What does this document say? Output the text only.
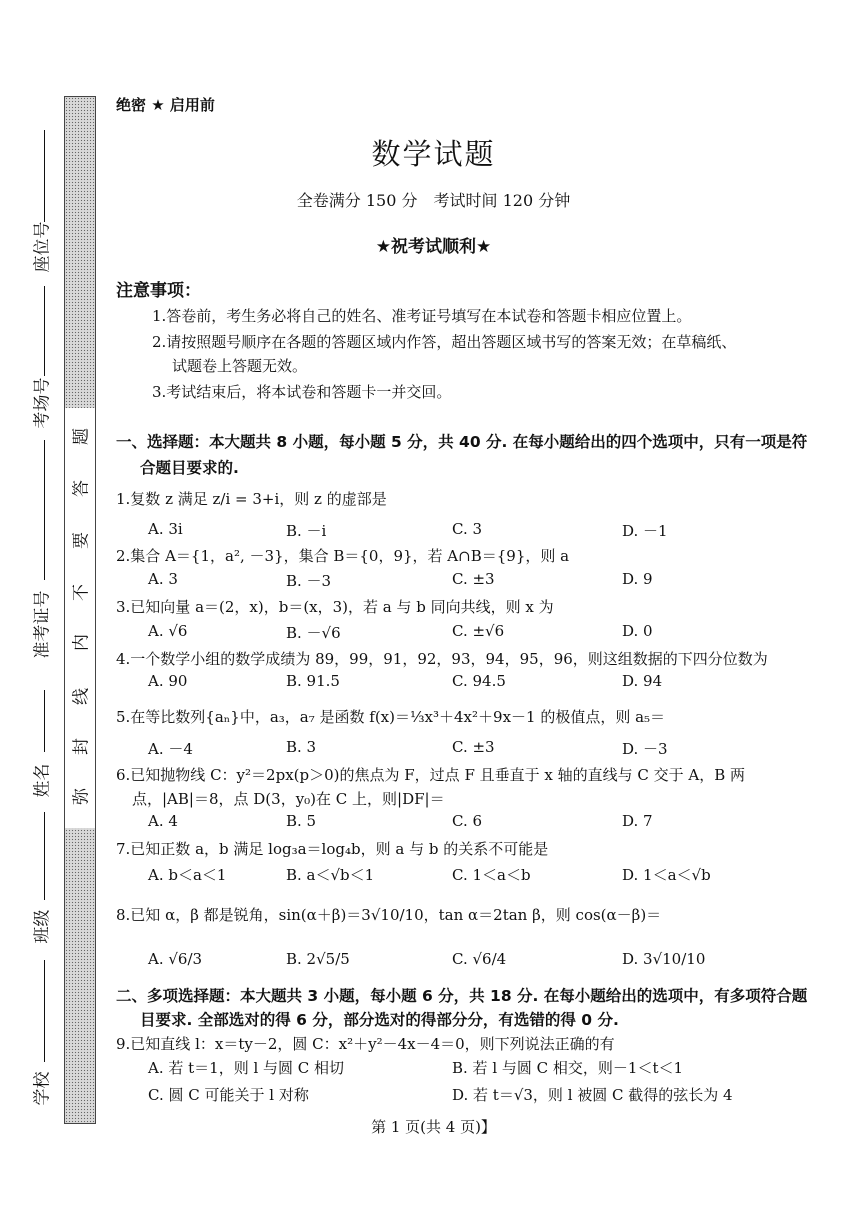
题
答
要
不
内
线
封
弥
座位号
考场号
准考证号
姓名
班级
学校
绝密 ★ 启用前
数学试题
全卷满分 150 分　考试时间 120 分钟
★祝考试顺利★
注意事项：
1.答卷前，考生务必将自己的姓名、准考证号填写在本试卷和答题卡相应位置上。
2.请按照题号顺序在各题的答题区域内作答，超出答题区域书写的答案无效；在草稿纸、
试题卷上答题无效。
3.考试结束后，将本试卷和答题卡一并交回。
一、选择题：本大题共 8 小题，每小题 5 分，共 40 分. 在每小题给出的四个选项中，只有一项是符
合题目要求的.
1.复数 z 满足 z/i = 3+i，则 z 的虚部是
A. 3i	B. －i	C. 3	D. －1
2.集合 A＝{1，a², －3}，集合 B＝{0，9}，若 A∩B＝{9}，则 a
A. 3	B. －3	C. ±3	D. 9
3.已知向量 a＝(2，x)，b＝(x，3)，若 a 与 b 同向共线，则 x 为
A. √6	B. －√6	C. ±√6	D. 0
4.一个数学小组的数学成绩为 89，99，91，92，93，94，95，96，则这组数据的下四分位数为
A. 90	B. 91.5	C. 94.5	D. 94
5.在等比数列{aₙ}中，a₃，a₇ 是函数 f(x)＝⅓x³＋4x²＋9x－1 的极值点，则 a₅＝
A. －4	B. 3	C. ±3	D. －3
6.已知抛物线 C：y²＝2px(p＞0)的焦点为 F，过点 F 且垂直于 x 轴的直线与 C 交于 A，B 两
点，|AB|＝8，点 D(3，y₀)在 C 上，则|DF|＝
A. 4	B. 5	C. 6	D. 7
7.已知正数 a，b 满足 log₃a＝log₄b，则 a 与 b 的关系不可能是
A. b＜a＜1	B. a＜√b＜1	C. 1＜a＜b	D. 1＜a＜√b
8.已知 α，β 都是锐角，sin(α＋β)＝3√10/10，tan α＝2tan β，则 cos(α－β)＝
A. √6/3	B. 2√5/5	C. √6/4	D. 3√10/10
二、多项选择题：本大题共 3 小题，每小题 6 分，共 18 分. 在每小题给出的选项中，有多项符合题
目要求. 全部选对的得 6 分，部分选对的得部分分，有选错的得 0 分.
9.已知直线 l：x＝ty－2，圆 C：x²＋y²－4x－4＝0，则下列说法正确的有
A. 若 t＝1，则 l 与圆 C 相切	B. 若 l 与圆 C 相交，则－1＜t＜1
C. 圆 C 可能关于 l 对称	D. 若 t＝√3，则 l 被圆 C 截得的弦长为 4
第 1 页(共 4 页)】
